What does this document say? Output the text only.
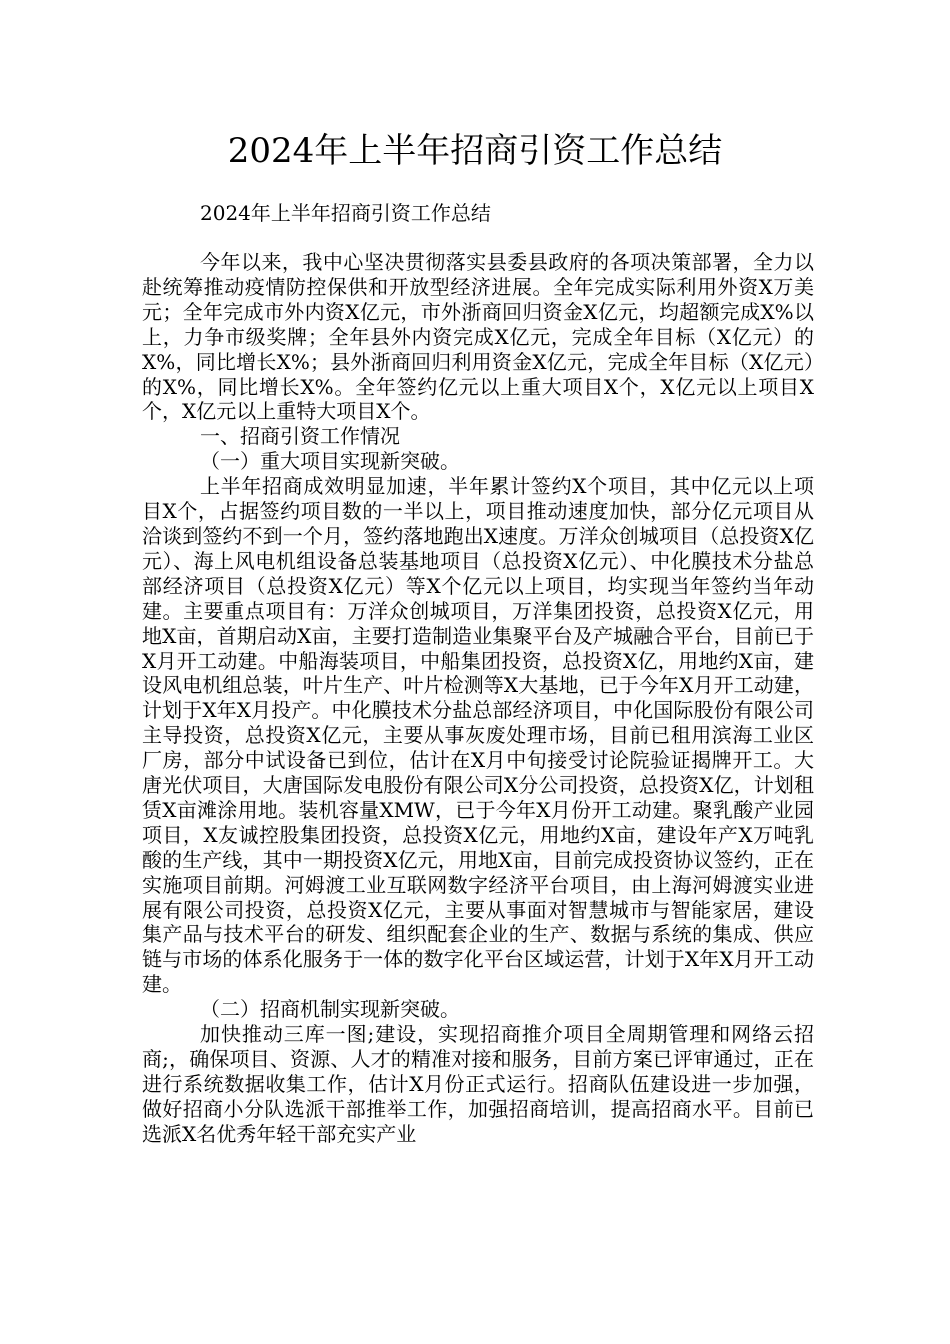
2024年上半年招商引资工作总结
2024年上半年招商引资工作总结

今年以来，我中心坚决贯彻落实县委县政府的各项决策部署，全力以赴统筹推动疫情防控保供和开放型经济进展。全年完成实际利用外资X万美元；全年完成市外内资X亿元，市外浙商回归资金X亿元，均超额完成X%以上，力争市级奖牌；全年县外内资完成X亿元，完成全年目标（X亿元）的X%，同比增长X%；县外浙商回归利用资金X亿元，完成全年目标（X亿元）的X%，同比增长X%。全年签约亿元以上重大项目X个，X亿元以上项目X个，X亿元以上重特大项目X个。

一、招商引资工作情况

（一）重大项目实现新突破。

上半年招商成效明显加速，半年累计签约X个项目，其中亿元以上项目X个，占据签约项目数的一半以上，项目推动速度加快，部分亿元项目从洽谈到签约不到一个月，签约落地跑出X速度。万洋众创城项目（总投资X亿元）、海上风电机组设备总装基地项目（总投资X亿元）、中化膜技术分盐总部经济项目（总投资X亿元）等X个亿元以上项目，均实现当年签约当年动建。主要重点项目有：万洋众创城项目，万洋集团投资，总投资X亿元，用地X亩，首期启动X亩，主要打造制造业集聚平台及产城融合平台，目前已于X月开工动建。中船海装项目，中船集团投资，总投资X亿，用地约X亩，建设风电机组总装，叶片生产、叶片检测等X大基地，已于今年X月开工动建，计划于X年X月投产。中化膜技术分盐总部经济项目，中化国际股份有限公司主导投资，总投资X亿元，主要从事灰废处理市场，目前已租用滨海工业区厂房，部分中试设备已到位，估计在X月中旬接受讨论院验证揭牌开工。大唐光伏项目，大唐国际发电股份有限公司X分公司投资，总投资X亿，计划租赁X亩滩涂用地。装机容量XMW，已于今年X月份开工动建。聚乳酸产业园项目，X友诚控股集团投资，总投资X亿元，用地约X亩，建设年产X万吨乳酸的生产线，其中一期投资X亿元，用地X亩，目前完成投资协议签约，正在实施项目前期。河姆渡工业互联网数字经济平台项目，由上海河姆渡实业进展有限公司投资，总投资X亿元，主要从事面对智慧城市与智能家居，建设集产品与技术平台的研发、组织配套企业的生产、数据与系统的集成、供应链与市场的体系化服务于一体的数字化平台区域运营，计划于X年X月开工动建。

（二）招商机制实现新突破。

加快推动三库一图;建设，实现招商推介项目全周期管理和网络云招商;，确保项目、资源、人才的精准对接和服务，目前方案已评审通过，正在进行系统数据收集工作，估计X月份正式运行。招商队伍建设进一步加强，做好招商小分队选派干部推举工作，加强招商培训，提高招商水平。目前已选派X名优秀年轻干部充实产业
